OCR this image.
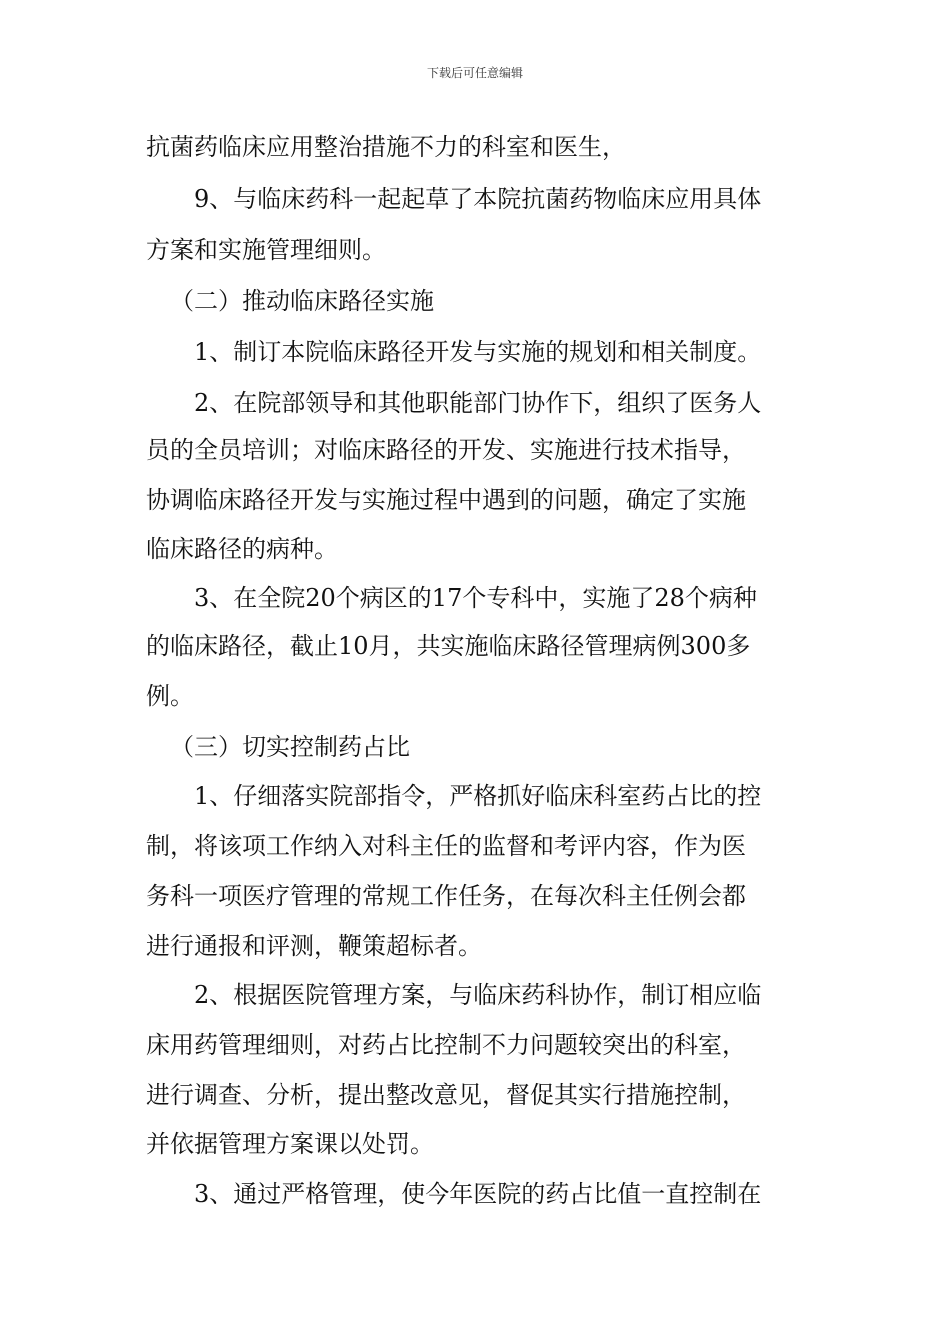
下载后可任意编辑
抗菌药临床应用整治措施不力的科室和医生，
9、与临床药科一起起草了本院抗菌药物临床应用具体
方案和实施管理细则。
（二）推动临床路径实施
1、制订本院临床路径开发与实施的规划和相关制度。
2、在院部领导和其他职能部门协作下，组织了医务人
员的全员培训；对临床路径的开发、实施进行技术指导，
协调临床路径开发与实施过程中遇到的问题，确定了实施
临床路径的病种。
3、在全院20个病区的17个专科中，实施了28个病种
的临床路径，截止10月，共实施临床路径管理病例300多
例。
（三）切实控制药占比
1、仔细落实院部指令，严格抓好临床科室药占比的控
制，将该项工作纳入对科主任的监督和考评内容，作为医
务科一项医疗管理的常规工作任务，在每次科主任例会都
进行通报和评测，鞭策超标者。
2、根据医院管理方案，与临床药科协作，制订相应临
床用药管理细则，对药占比控制不力问题较突出的科室，
进行调查、分析，提出整改意见，督促其实行措施控制，
并依据管理方案课以处罚。
3、通过严格管理，使今年医院的药占比值一直控制在
